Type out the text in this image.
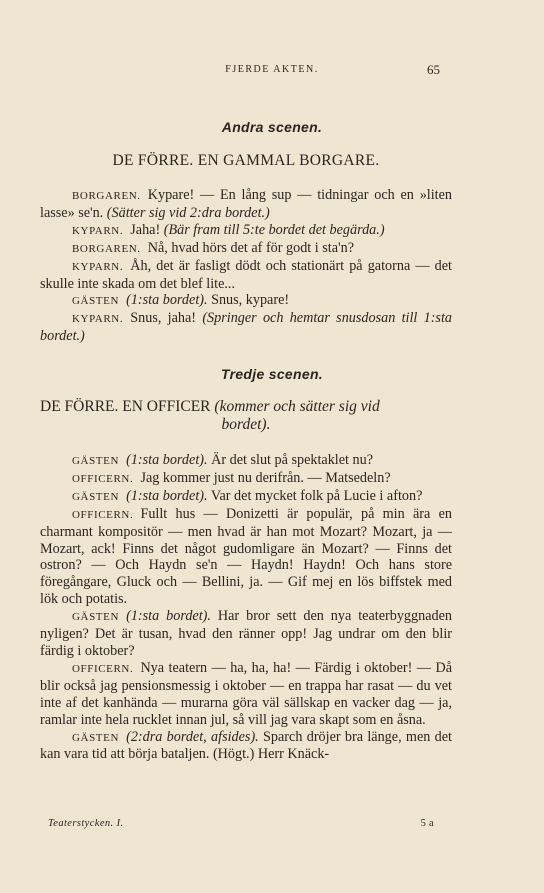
FJERDE AKTEN.	65
Andra scenen.
DE FÖRRE. EN GAMMAL BORGARE.

BORGAREN.  Kypare! — En lång sup — tidningar och en »liten lasse» se'n. (Sätter sig vid 2:dra bordet.)

KYPARN.  Jaha! (Bär fram till 5:te bordet det begärda.)

BORGAREN.  Nå, hvad hörs det af för godt i sta'n?

KYPARN.  Åh, det är fasligt dödt och stationärt på gatorna — det skulle inte skada om det blef lite...

GÄSTEN  (1:sta bordet). Snus, kypare!

KYPARN.  Snus, jaha! (Springer och hemtar snusdosan till 1:sta bordet.)

Tredje scenen.
DE FÖRRE. EN OFFICER (kommer och sätter sig vid
bordet).

GÄSTEN  (1:sta bordet). Är det slut på spektaklet nu?

OFFICERN.  Jag kommer just nu derifrån. — Matsedeln?

GÄSTEN  (1:sta bordet). Var det mycket folk på Lucie i afton?

OFFICERN.  Fullt hus — Donizetti är populär, på min ära en charmant kompositör — men hvad är han mot Mozart? Mozart, ja — Mozart, ack! Finns det något gudomligare än Mozart? — Finns det ostron? — Och Haydn se'n — Haydn! Haydn! Och hans store föregångare, Gluck och — Bellini, ja. — Gif mej en lös biffstek med lök och potatis.

GÄSTEN  (1:sta bordet). Har bror sett den nya teaterbyggnaden nyligen? Det är tusan, hvad den ränner opp! Jag undrar om den blir färdig i oktober?

OFFICERN.  Nya teatern — ha, ha, ha! — Färdig i oktober! — Då blir också jag pensionsmessig i oktober — en trappa har rasat — du vet inte af det kanhända — murarna göra väl sällskap en vacker dag — ja, ramlar inte hela rucklet innan jul, så vill jag vara skapt som en åsna.

GÄSTEN  (2:dra bordet, afsides). Sparch dröjer bra länge, men det kan vara tid att börja bataljen. (Högt.) Herr Knäck-

Teaterstycken. I.	5 a
